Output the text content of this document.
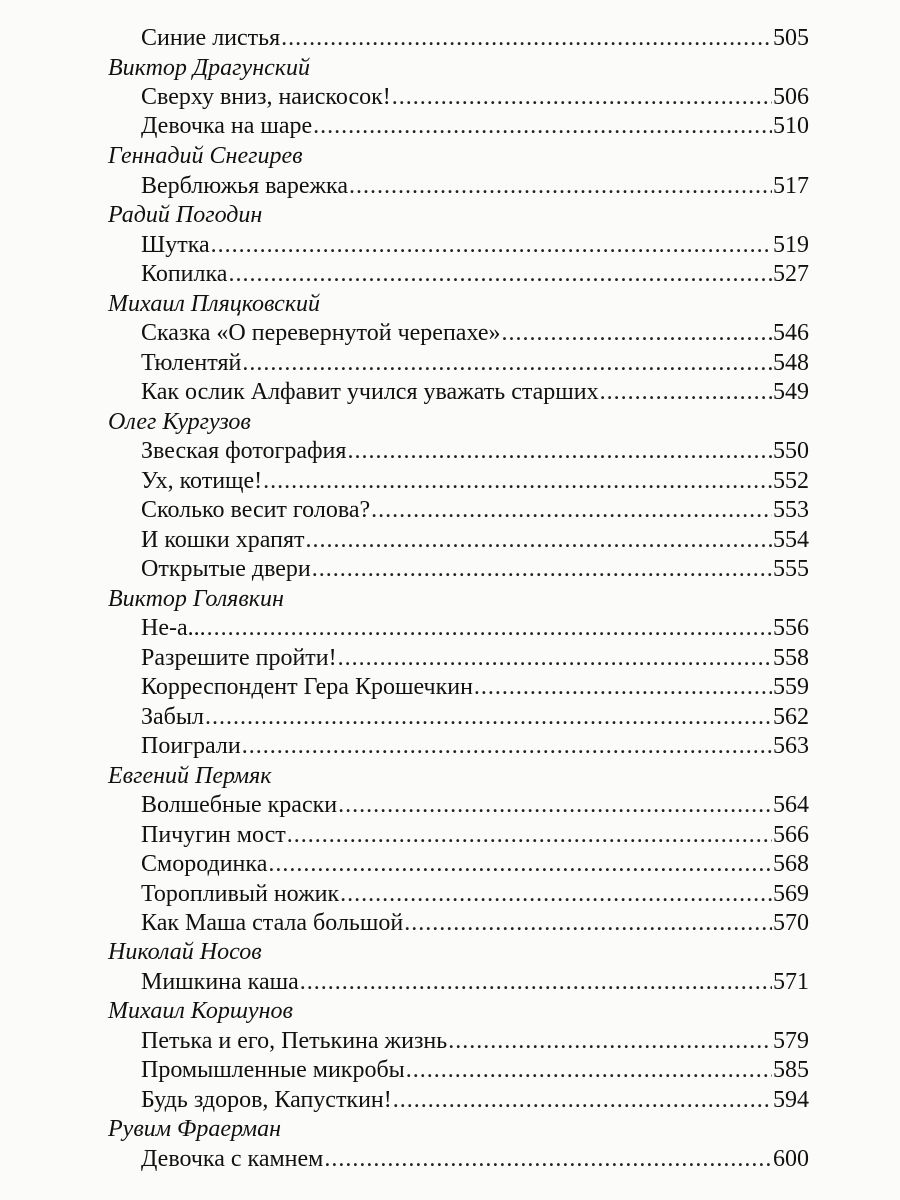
Синие листья .....	505
Виктор Драгунский
Сверху вниз, наискосок! .....	506
Девочка на шаре .....	510
Геннадий Снегирев
Верблюжья варежка .....	517
Радий Погодин
Шутка .....	519
Копилка .....	527
Михаил Пляцковский
Сказка «О перевернутой черепахе» .....	546
Тюлентяй .....	548
Как ослик Алфавит учился уважать старших .....	549
Олег Кургузов
Звеская фотография .....	550
Ух, котище! .....	552
Сколько весит голова? .....	553
И кошки храпят .....	554
Открытые двери .....	555
Виктор Голявкин
Не-а... .....	556
Разрешите пройти! .....	558
Корреспондент Гера Крошечкин .....	559
Забыл .....	562
Поиграли .....	563
Евгений Пермяк
Волшебные краски .....	564
Пичугин мост .....	566
Смородинка .....	568
Торопливый ножик .....	569
Как Маша стала большой .....	570
Николай Носов
Мишкина каша .....	571
Михаил Коршунов
Петька и его, Петькина жизнь .....	579
Промышленные микробы .....	585
Будь здоров, Капусткин! .....	594
Рувим Фраерман
Девочка с камнем .....	600
